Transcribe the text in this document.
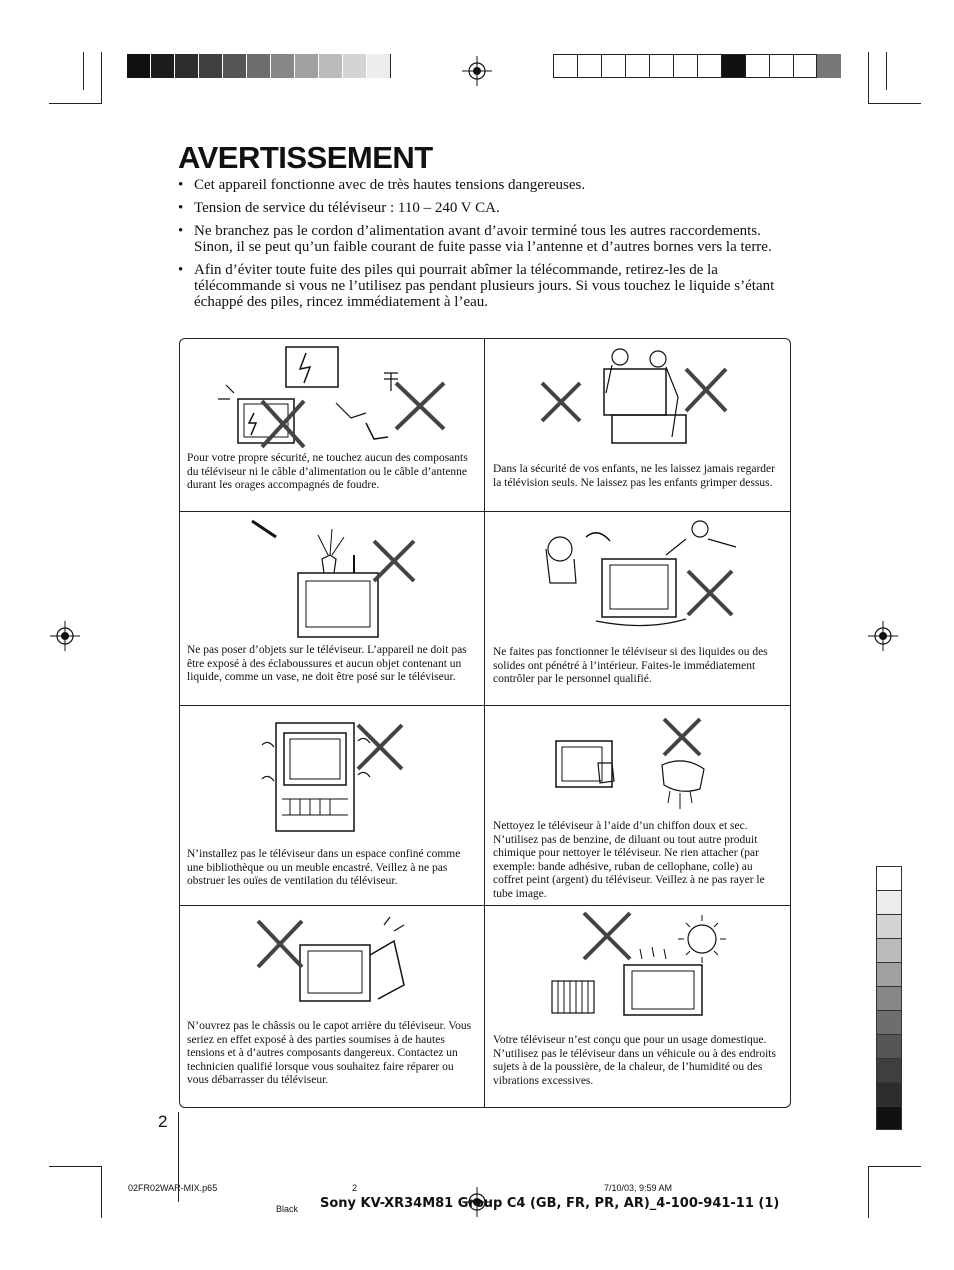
AVERTISSEMENT
• Cet appareil fonctionne avec de très hautes tensions dangereuses.
• Tension de service du téléviseur : 110 – 240 V CA.
• Ne branchez pas le cordon d’alimentation avant d’avoir terminé tous les autres raccordements. Sinon, il se peut qu’un faible courant de fuite passe via l’antenne et d’autres bornes vers la terre.
• Afin d’éviter toute fuite des piles qui pourrait abîmer la télécommande, retirez-les de la télécommande si vous ne l’utilisez pas pendant plusieurs jours. Si vous touchez le liquide s’étant échappé des piles, rincez immédiatement à l’eau.
Pour votre propre sécurité, ne touchez aucun des composants du téléviseur ni le câble d’alimentation ou le câble d’antenne durant les orages accompagnés de foudre.
Dans la sécurité de vos enfants, ne les laissez jamais regarder la télévision seuls. Ne laissez pas les enfants grimper dessus.
Ne pas poser d’objets sur le téléviseur. L’appareil ne doit pas être exposé à des éclaboussures et aucun objet contenant un liquide, comme un vase, ne doit être posé sur le téléviseur.
Ne faites pas fonctionner le téléviseur si des liquides ou des solides ont pénétré à l’intérieur. Faites-le immédiatement contrôler par le personnel qualifié.
N’installez pas le téléviseur dans un espace confiné comme une bibliothèque ou un meuble encastré. Veillez à ne pas obstruer les ouïes de ventilation du téléviseur.
Nettoyez le téléviseur à l’aide d’un chiffon doux et sec. N’utilisez pas de benzine, de diluant ou tout autre produit chimique pour nettoyer le téléviseur. Ne rien attacher (par exemple: bande adhésive, ruban de cellophane, colle) au coffret peint (argent) du téléviseur. Veillez à ne pas rayer le tube image.
N’ouvrez pas le châssis ou le capot arrière du téléviseur. Vous seriez en effet exposé à des parties soumises à de hautes tensions et à d’autres composants dangereux. Contactez un technicien qualifié lorsque vous souhaitez faire réparer ou vous débarrasser du téléviseur.
Votre téléviseur n’est conçu que pour un usage domestique.
N’utilisez pas le téléviseur dans un véhicule ou à des endroits sujets à de la poussière, de la chaleur, de l’humidité ou des vibrations excessives.
2
02FR02WAR-MIX.p65	2	7/10/03, 9:59 AM
Black Sony KV-XR34M81 Group C4 (GB, FR, PR, AR)_4-100-941-11 (1)
